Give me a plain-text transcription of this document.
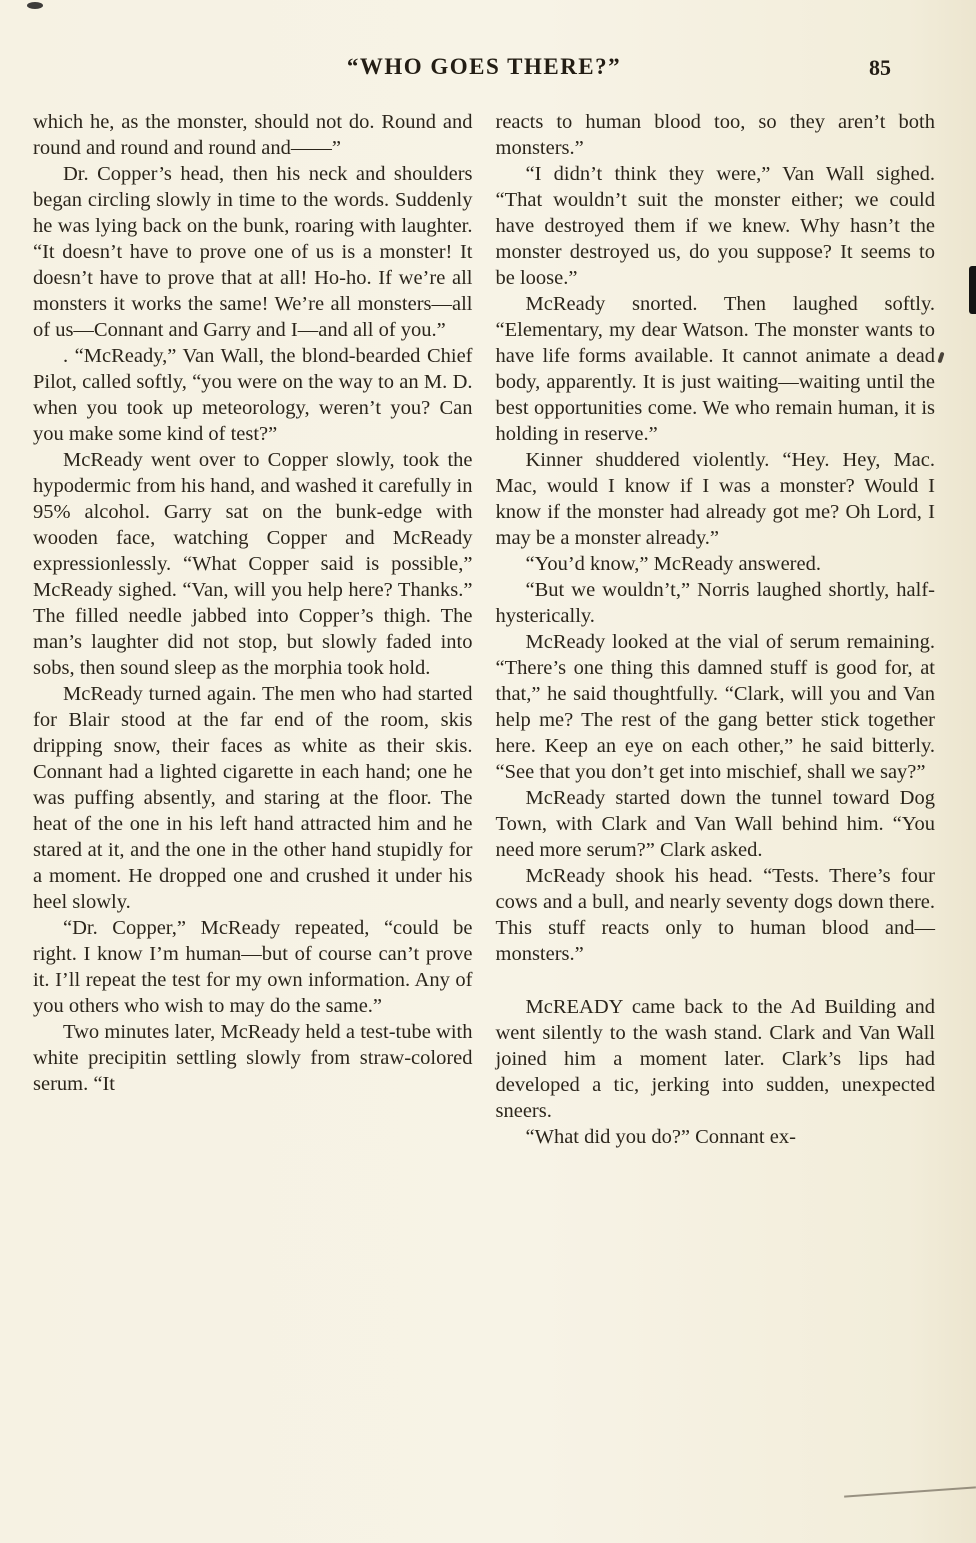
“WHO GOES THERE?”	85

which he, as the monster, should not do. Round and round and round and round and——”

Dr. Copper’s head, then his neck and shoulders began circling slowly in time to the words. Suddenly he was lying back on the bunk, roaring with laughter. “It doesn’t have to prove one of us is a monster! It doesn’t have to prove that at all! Ho-ho. If we’re all monsters it works the same! We’re all monsters—all of us—Connant and Garry and I—and all of you.”

. “McReady,” Van Wall, the blond-bearded Chief Pilot, called softly, “you were on the way to an M. D. when you took up meteorology, weren’t you? Can you make some kind of test?”

McReady went over to Copper slowly, took the hypodermic from his hand, and washed it carefully in 95% alcohol. Garry sat on the bunk-edge with wooden face, watching Copper and McReady expressionlessly. “What Copper said is possible,” McReady sighed. “Van, will you help here? Thanks.” The filled needle jabbed into Copper’s thigh. The man’s laughter did not stop, but slowly faded into sobs, then sound sleep as the morphia took hold.

McReady turned again. The men who had started for Blair stood at the far end of the room, skis dripping snow, their faces as white as their skis. Connant had a lighted cigarette in each hand; one he was puffing absently, and staring at the floor. The heat of the one in his left hand attracted him and he stared at it, and the one in the other hand stupidly for a moment. He dropped one and crushed it under his heel slowly.

“Dr. Copper,” McReady repeated, “could be right. I know I’m human—but of course can’t prove it. I’ll repeat the test for my own information. Any of you others who wish to may do the same.”

Two minutes later, McReady held a test-tube with white precipitin settling slowly from straw-colored serum. “It

reacts to human blood too, so they aren’t both monsters.”

“I didn’t think they were,” Van Wall sighed. “That wouldn’t suit the monster either; we could have destroyed them if we knew. Why hasn’t the monster destroyed us, do you suppose? It seems to be loose.”

McReady snorted. Then laughed softly. “Elementary, my dear Watson. The monster wants to have life forms available. It cannot animate a dead body, apparently. It is just waiting—waiting until the best opportunities come. We who remain human, it is holding in reserve.”

Kinner shuddered violently. “Hey. Hey, Mac. Mac, would I know if I was a monster? Would I know if the monster had already got me? Oh Lord, I may be a monster already.”

“You’d know,” McReady answered.

“But we wouldn’t,” Norris laughed shortly, half-hysterically.

McReady looked at the vial of serum remaining. “There’s one thing this damned stuff is good for, at that,” he said thoughtfully. “Clark, will you and Van help me? The rest of the gang better stick together here. Keep an eye on each other,” he said bitterly. “See that you don’t get into mischief, shall we say?”

McReady started down the tunnel toward Dog Town, with Clark and Van Wall behind him. “You need more serum?” Clark asked.

McReady shook his head. “Tests. There’s four cows and a bull, and nearly seventy dogs down there. This stuff reacts only to human blood and—monsters.”

McREADY came back to the Ad Building and went silently to the wash stand. Clark and Van Wall joined him a moment later. Clark’s lips had developed a tic, jerking into sudden, unexpected sneers.

“What did you do?” Connant ex-
